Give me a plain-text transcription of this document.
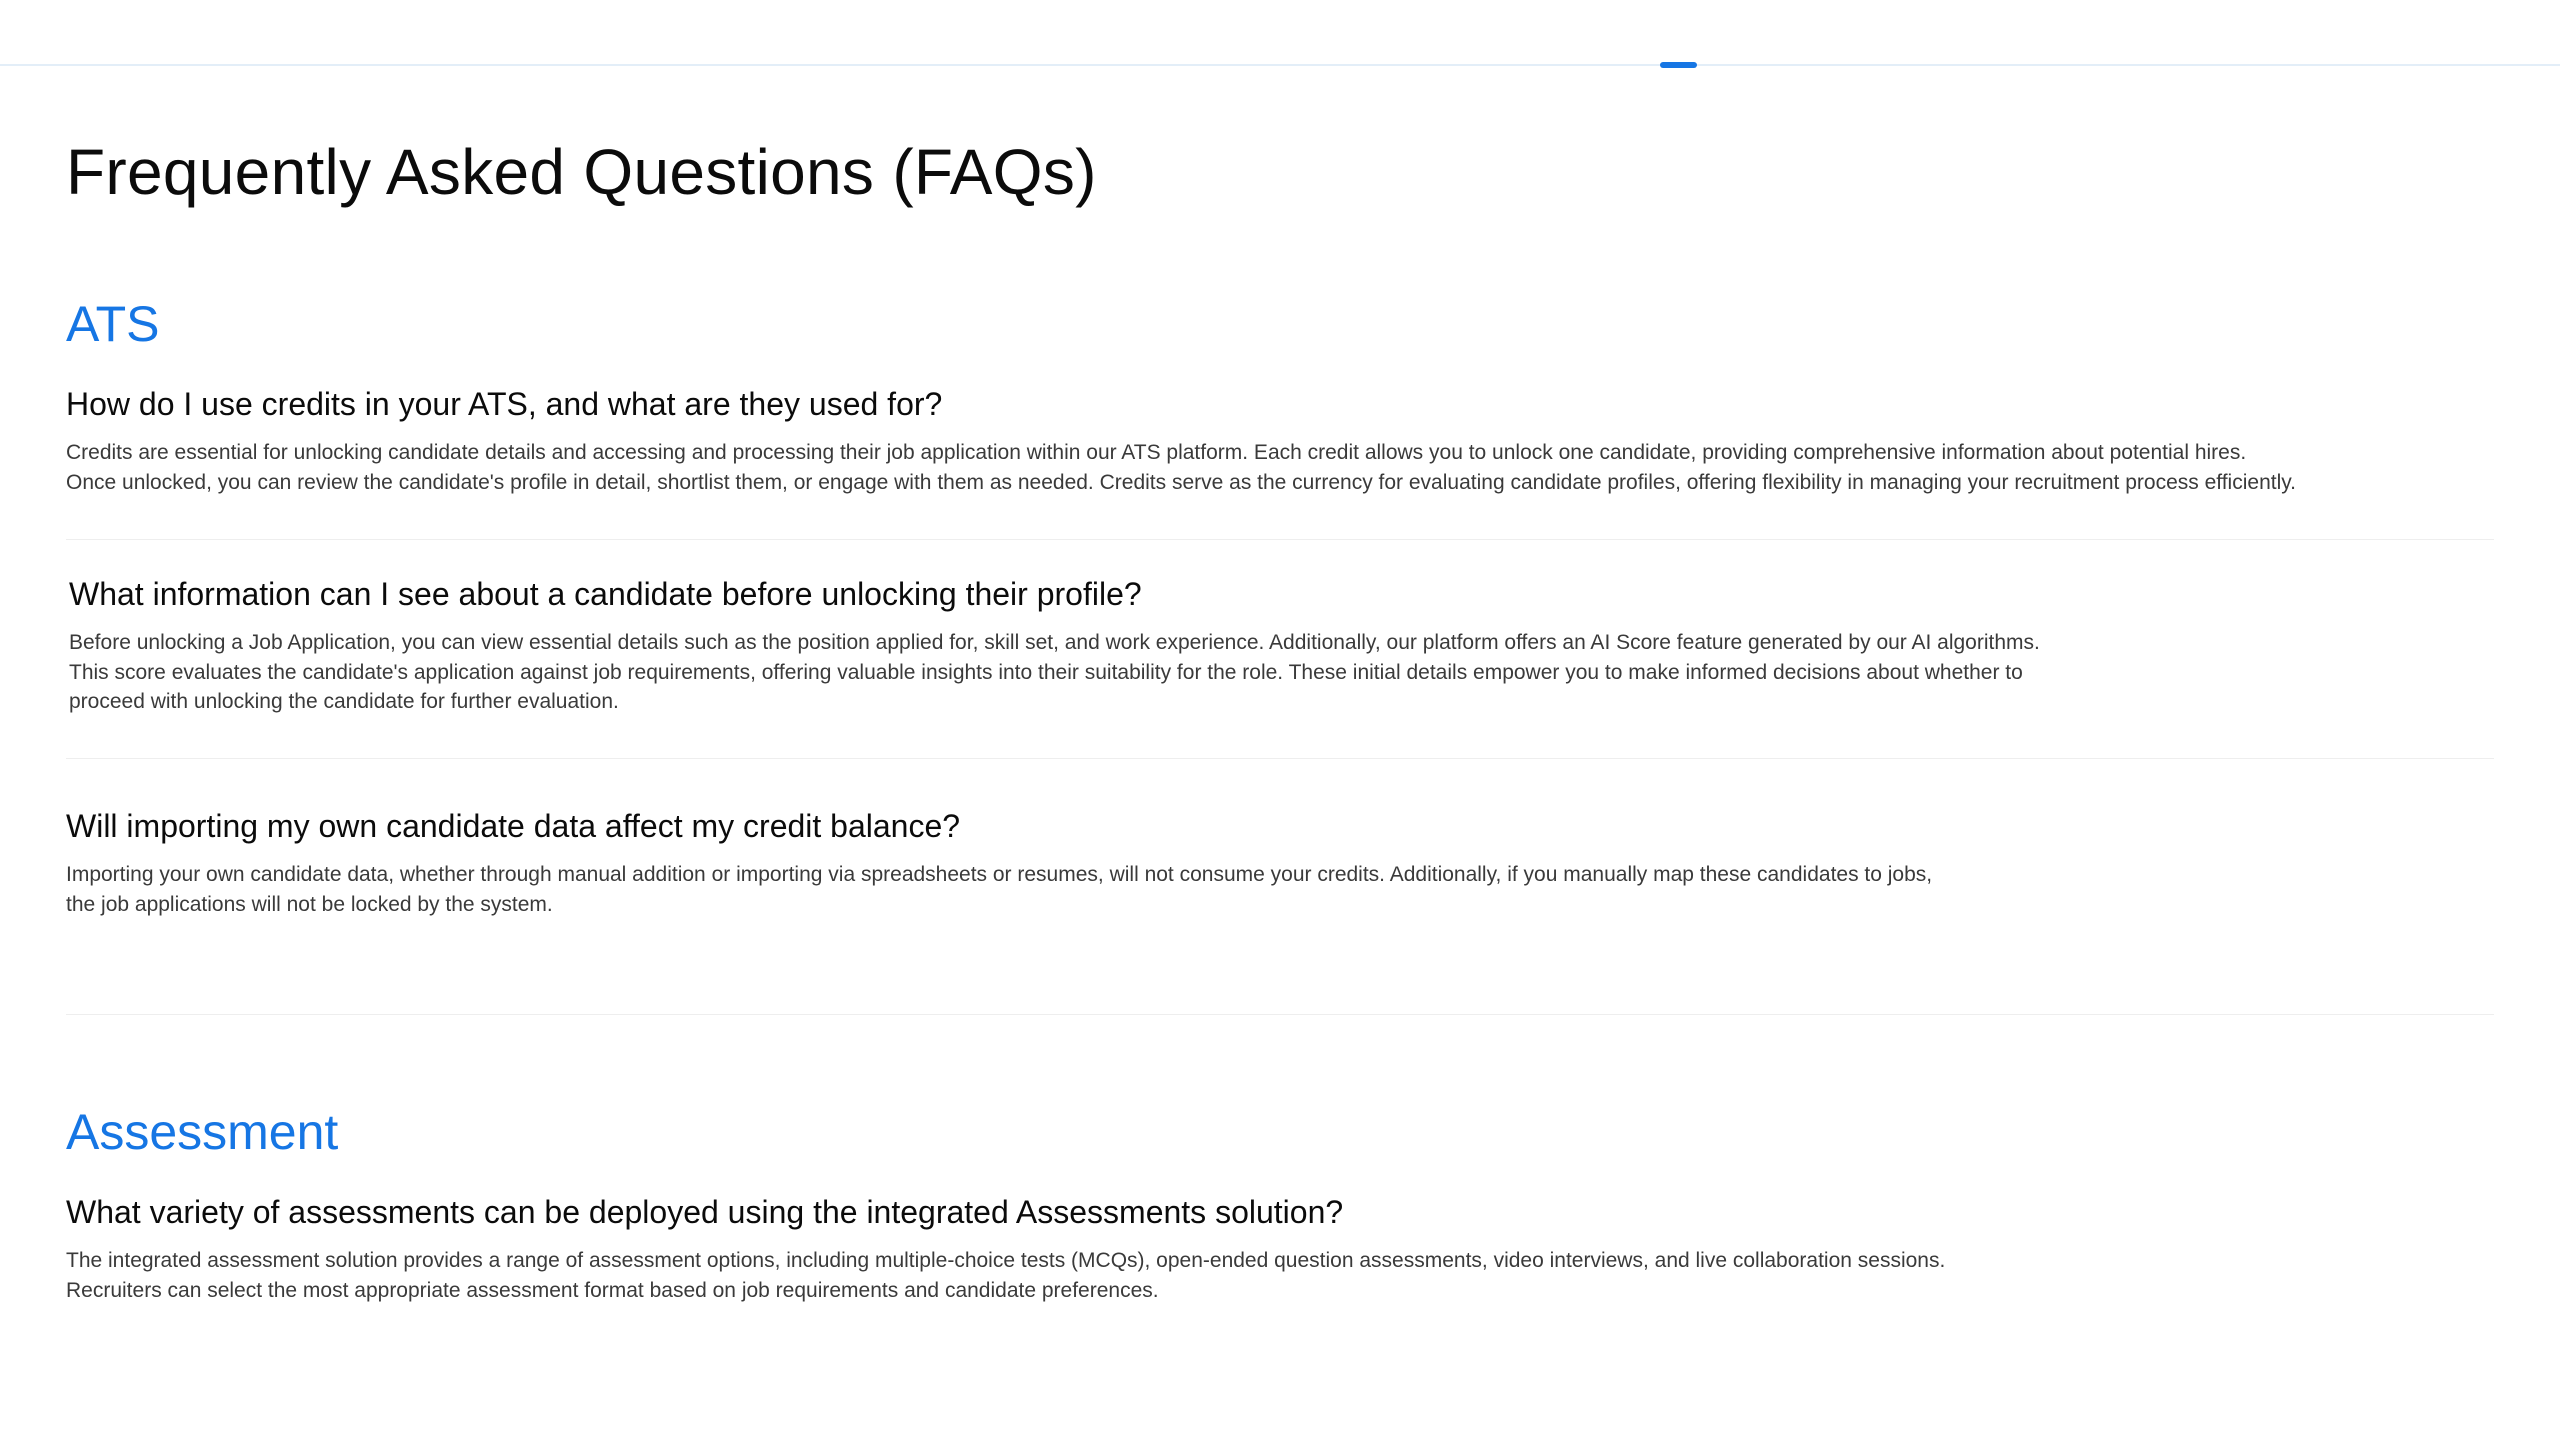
Frequently Asked Questions (FAQs)
ATS
How do I use credits in your ATS, and what are they used for?

Credits are essential for unlocking candidate details and accessing and processing their job application within our ATS platform. Each credit allows you to unlock one candidate, providing comprehensive information about potential hires.
Once unlocked, you can review the candidate's profile in detail, shortlist them, or engage with them as needed. Credits serve as the currency for evaluating candidate profiles, offering flexibility in managing your recruitment process efficiently.

What information can I see about a candidate before unlocking their profile?

Before unlocking a Job Application, you can view essential details such as the position applied for, skill set, and work experience. Additionally, our platform offers an AI Score feature generated by our AI algorithms.
This score evaluates the candidate's application against job requirements, offering valuable insights into their suitability for the role. These initial details empower you to make informed decisions about whether to
proceed with unlocking the candidate for further evaluation.

Will importing my own candidate data affect my credit balance?

Importing your own candidate data, whether through manual addition or importing via spreadsheets or resumes, will not consume your credits. Additionally, if you manually map these candidates to jobs,
the job applications will not be locked by the system.

Assessment
What variety of assessments can be deployed using the integrated Assessments solution?

The integrated assessment solution provides a range of assessment options, including multiple-choice tests (MCQs), open-ended question assessments, video interviews, and live collaboration sessions.
Recruiters can select the most appropriate assessment format based on job requirements and candidate preferences.
